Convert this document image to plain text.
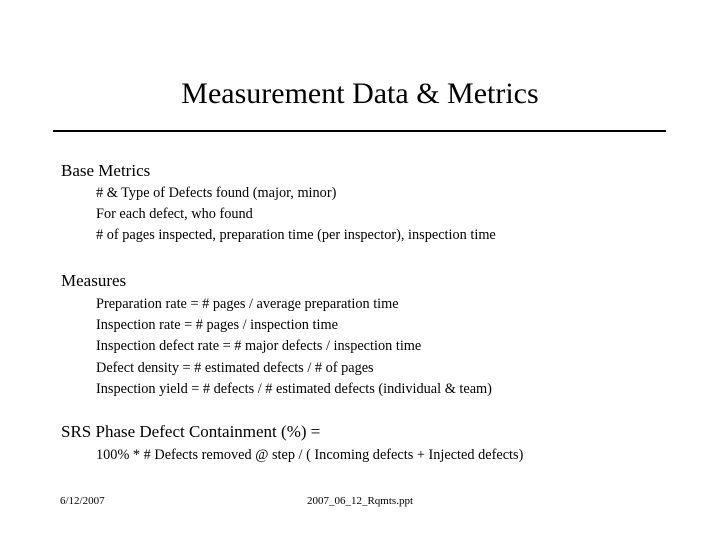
Measurement Data & Metrics
Base Metrics
# & Type of Defects found (major, minor)
For each defect, who found
# of pages inspected, preparation time (per inspector), inspection time
Measures
Preparation rate = # pages / average preparation time
Inspection rate = # pages / inspection time
Inspection defect rate = # major defects / inspection time
Defect density = # estimated defects / # of pages
Inspection yield = # defects / # estimated defects (individual & team)
SRS Phase Defect Containment (%) =
100% * # Defects removed @ step / ( Incoming defects + Injected defects)
6/12/2007	2007_06_12_Rqmts.ppt
